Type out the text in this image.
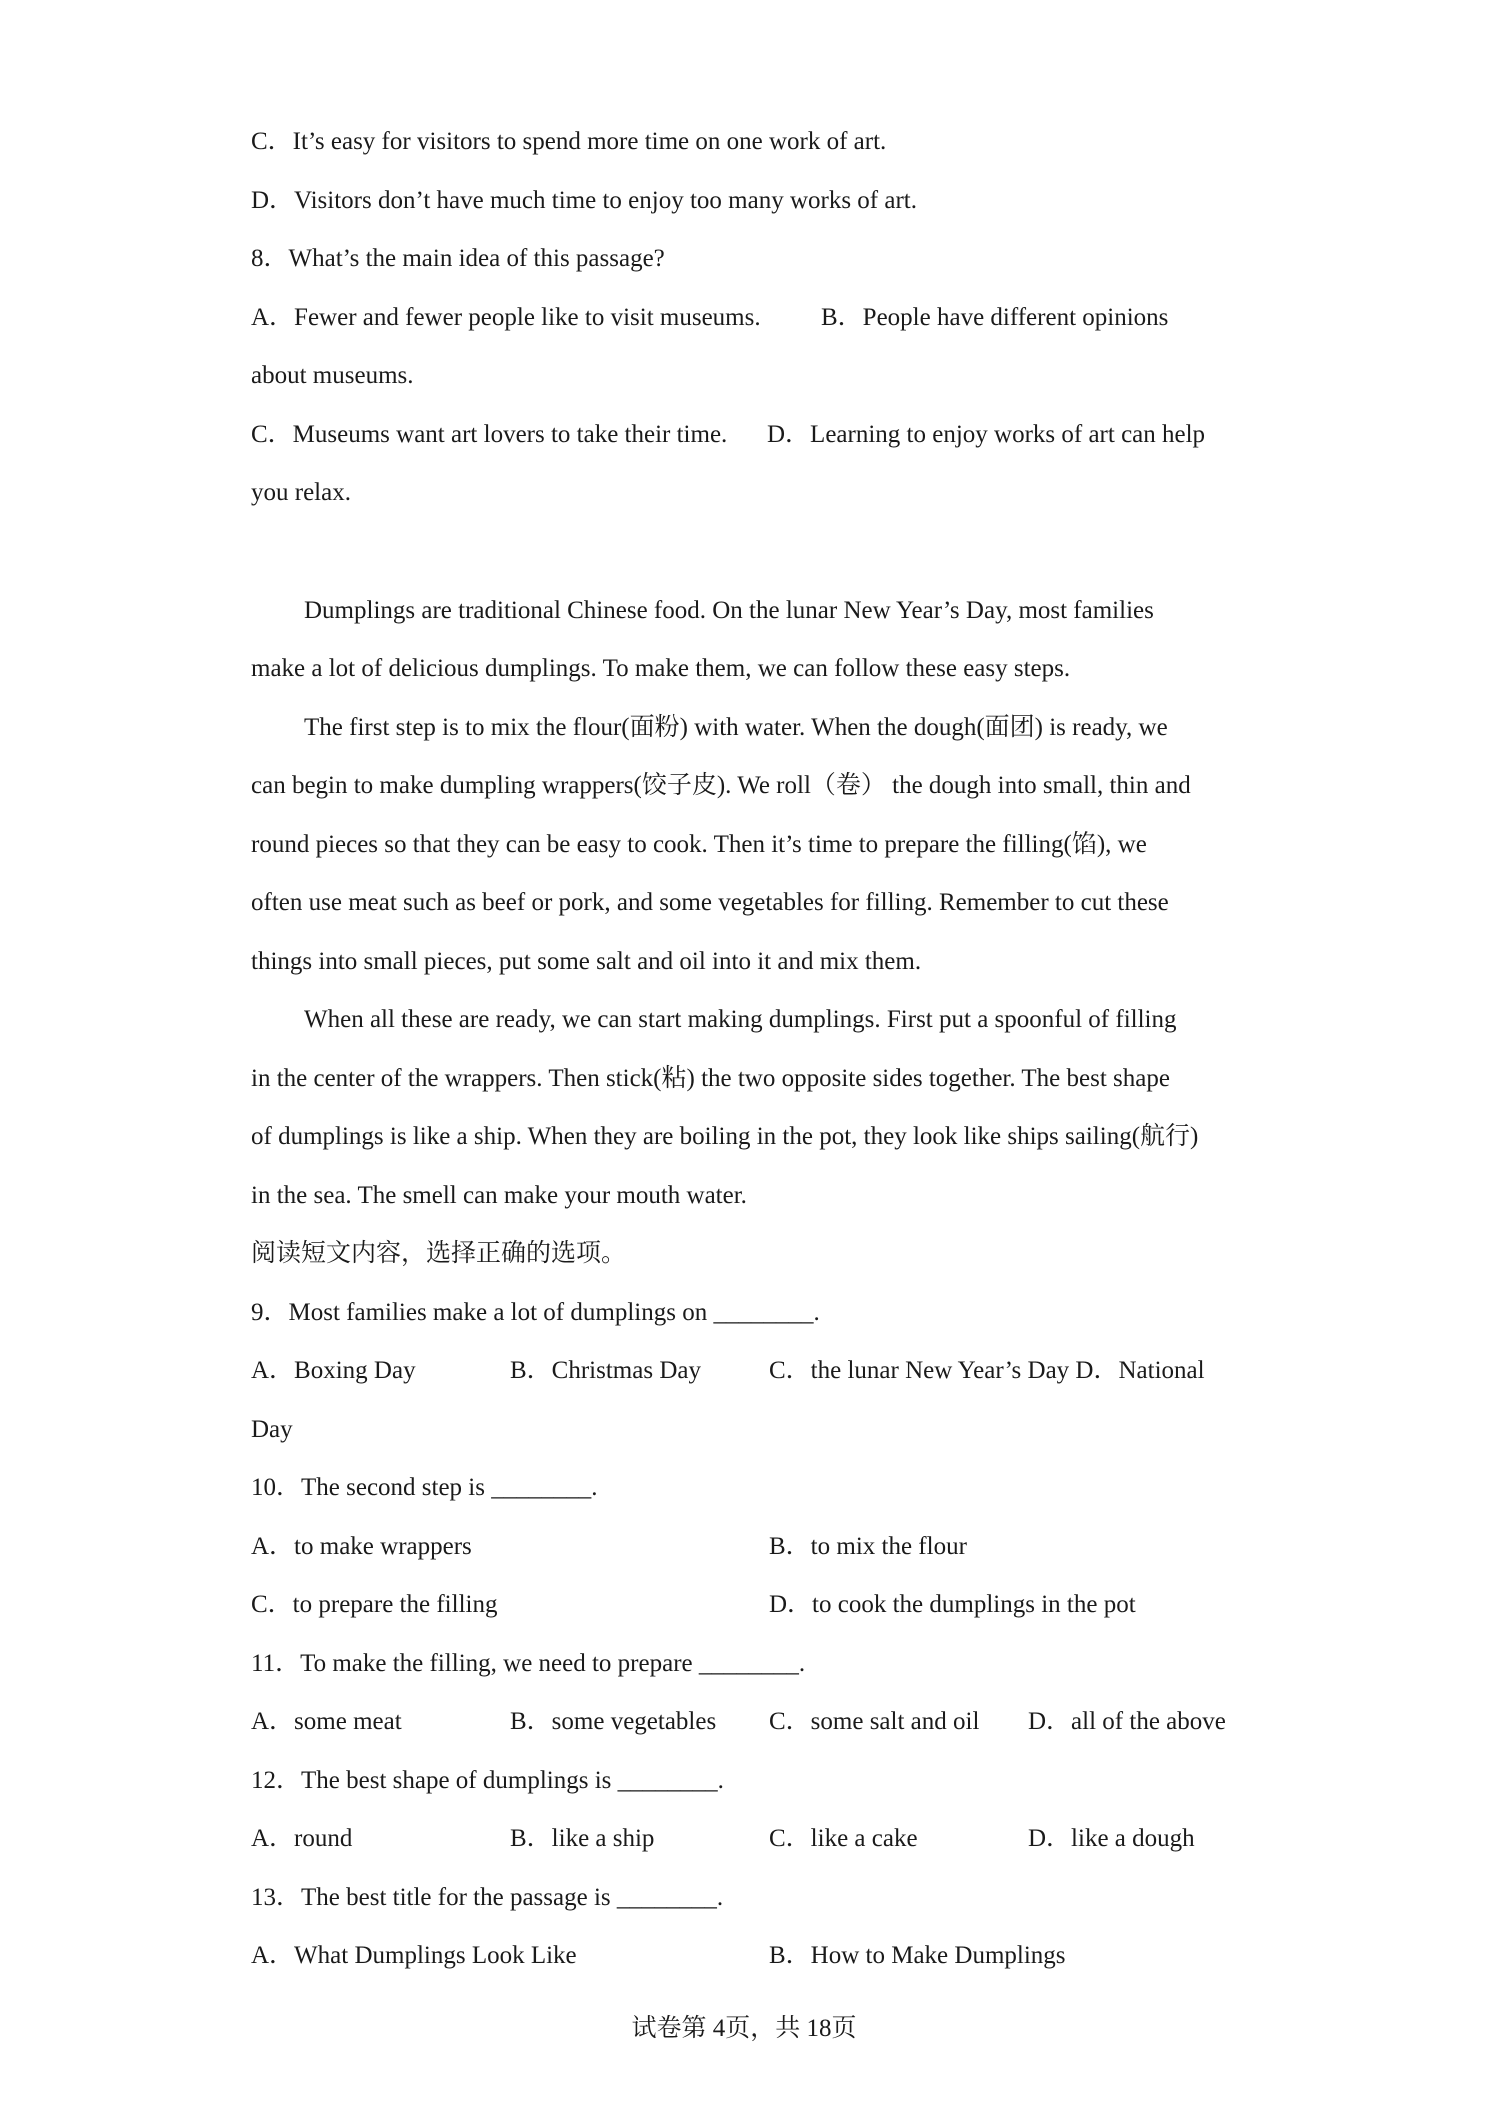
C．It’s easy for visitors to spend more time on one work of art.
D．Visitors don’t have much time to enjoy too many works of art.
8．What’s the main idea of this passage?
A．Fewer and fewer people like to visit museums. B．People have different opinions
about museums.
C．Museums want art lovers to take their time. D．Learning to enjoy works of art can help
you relax.
Dumplings are traditional Chinese food. On the lunar New Year’s Day, most families
make a lot of delicious dumplings. To make them, we can follow these easy steps.
The first step is to mix the flour(面粉) with water. When the dough(面团) is ready, we
can begin to make dumpling wrappers(饺子皮). We roll（卷） the dough into small, thin and
round pieces so that they can be easy to cook. Then it’s time to prepare the filling(馅), we
often use meat such as beef or pork, and some vegetables for filling. Remember to cut these
things into small pieces, put some salt and oil into it and mix them.
When all these are ready, we can start making dumplings. First put a spoonful of filling
in the center of the wrappers. Then stick(粘) the two opposite sides together. The best shape
of dumplings is like a ship. When they are boiling in the pot, they look like ships sailing(航行)
in the sea. The smell can make your mouth water.
阅读短文内容，选择正确的选项。
9．Most families make a lot of dumplings on ________.
A．Boxing Day	B．Christmas Day	C．the lunar New Year’s Day D．National
Day
10．The second step is ________.
A．to make wrappers	B．to mix the flour
C．to prepare the filling	D．to cook the dumplings in the pot
11．To make the filling, we need to prepare ________.
A．some meat	B．some vegetables C．some salt and oil D．all of the above
12．The best shape of dumplings is ________.
A．round	B．like a ship	C．like a cake	D．like a dough
13．The best title for the passage is ________.
A．What Dumplings Look Like	B．How to Make Dumplings
试卷第 4页，共 18页
